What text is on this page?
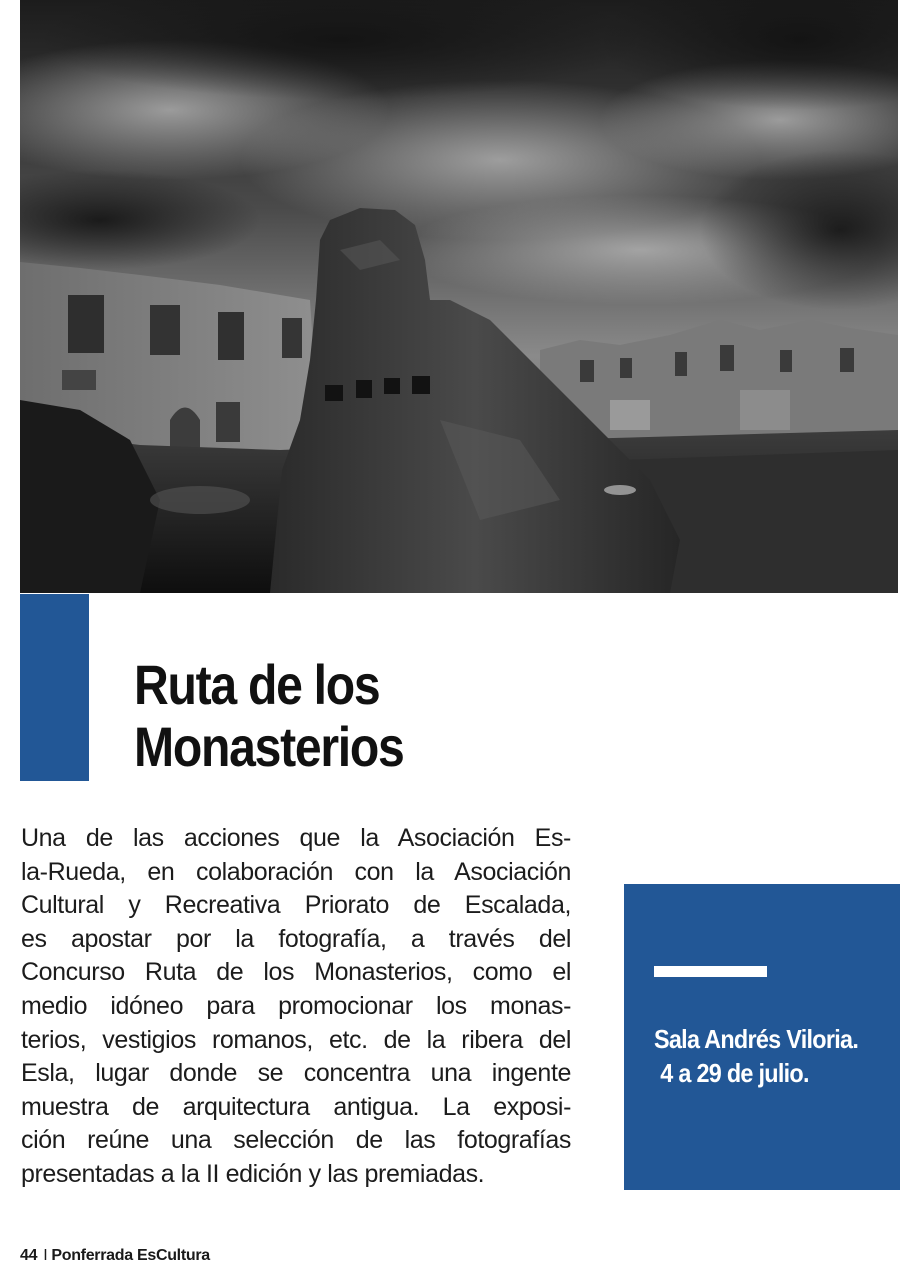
Ruta de los
Monasterios
Una de las acciones que la Asociación Es-
la-Rueda, en colaboración con la Asociación
Cultural y Recreativa Priorato de Escalada,
es apostar por la fotografía, a través del
Concurso Ruta de los Monasterios, como el
medio idóneo para promocionar los monas-
terios, vestigios romanos, etc. de la ribera del
Esla, lugar donde se concentra una ingente
muestra de arquitectura antigua. La exposi-
ción reúne una selección de las fotografías
presentadas a la II edición y las premiadas.
Sala Andrés Viloria.
4 a 29 de julio.
44 I Ponferrada EsCultura
